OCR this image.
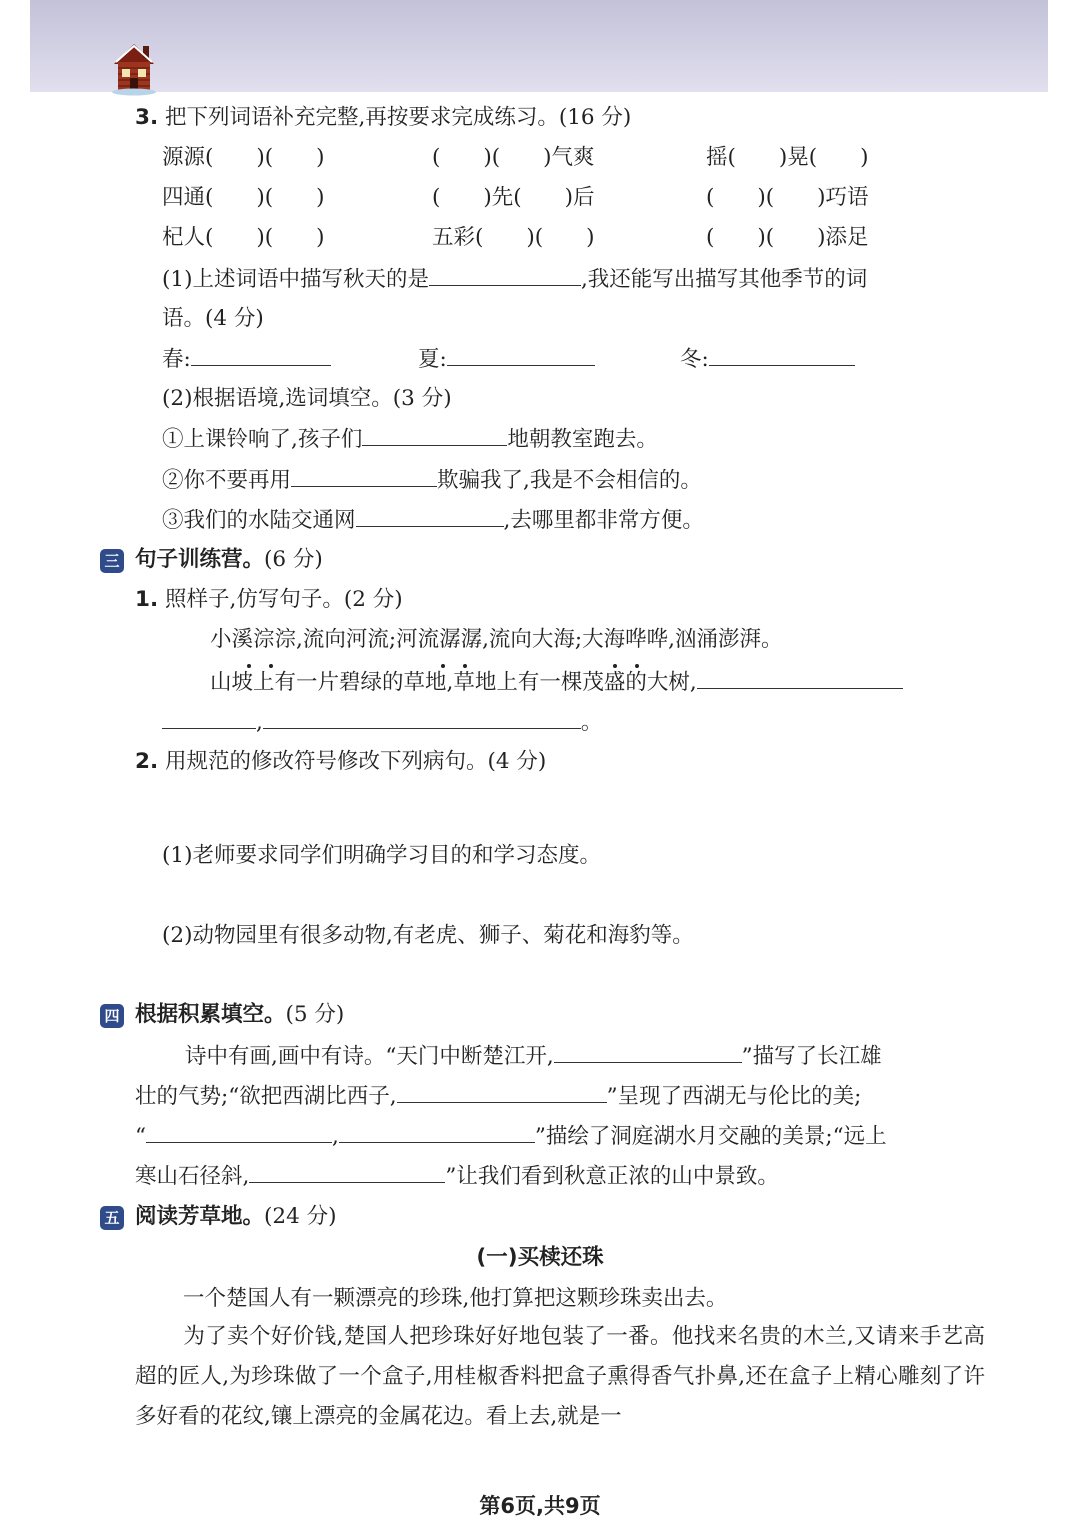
3. 把下列词语补充完整,再按要求完成练习。(16 分)
源源(　　)(　　)	(　　)(　　)气爽	摇(　　)晃(　　)
四通(　　)(　　)	(　　)先(　　)后	(　　)(　　)巧语
杞人(　　)(　　)	五彩(　　)(　　)	(　　)(　　)添足
(1)上述词语中描写秋天的是	,我还能写出描写其他季节的词
语。(4 分)
春:	夏:	冬:
(2)根据语境,选词填空。(3 分)
①上课铃响了,孩子们	地朝教室跑去。
②你不要再用	欺骗我了,我是不会相信的。
③我们的水陆交通网	,去哪里都非常方便。
三 句子训练营。(6 分)
1. 照样子,仿写句子。(2 分)
小溪淙淙,流向河流;河流潺潺,流向大海;大海哗哗,汹涌澎湃。
山坡上有一片碧绿的草地,草地上有一棵茂盛的大树,
,	。
2. 用规范的修改符号修改下列病句。(4 分)
(1)老师要求同学们明确学习目的和学习态度。
(2)动物园里有很多动物,有老虎、狮子、菊花和海豹等。
四 根据积累填空。(5 分)
诗中有画,画中有诗。“天门中断楚江开,	”描写了长江雄
壮的气势;“欲把西湖比西子,	”呈现了西湖无与伦比的美;
“	,	”描绘了洞庭湖水月交融的美景;“远上
寒山石径斜,	”让我们看到秋意正浓的山中景致。
五 阅读芳草地。(24 分)
(一)买椟还珠
一个楚国人有一颗漂亮的珍珠,他打算把这颗珍珠卖出去。
为了卖个好价钱,楚国人把珍珠好好地包装了一番。他找来名贵的木兰,又请来手艺高超的匠人,为珍珠做了一个盒子,用桂椒香料把盒子熏得香气扑鼻,还在盒子上精心雕刻了许多好看的花纹,镶上漂亮的金属花边。看上去,就是一
第6页,共9页
